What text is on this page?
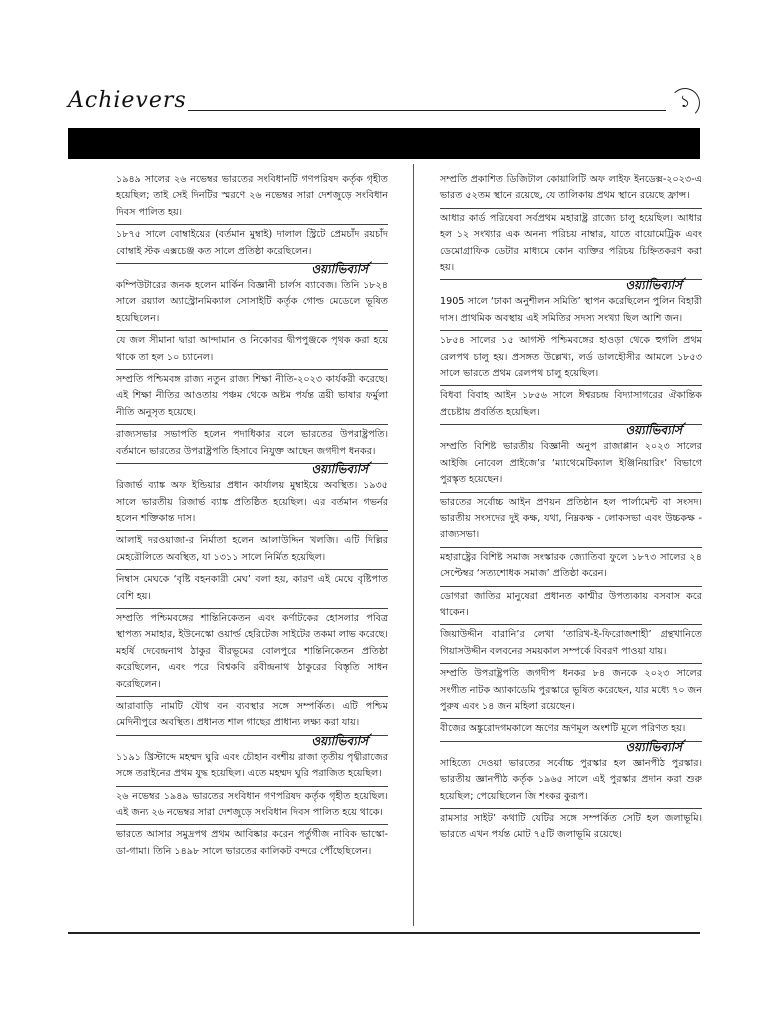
Achievers	১
১৯৪৯ সালের ২৬ নভেম্বর ভারতের সংবিধানটি গণপরিষদ কর্তৃক গৃহীত হয়েছিল; তাই সেই দিনটির স্মরণে ২৬ নভেম্বর সারা দেশজুড়ে সংবিধান দিবস পালিত হয়।
১৮৭৫ সালে বোম্বাইয়ের (বর্তমান মুম্বাই) দালাল স্ট্রিটে প্রেমচাঁদ রয়চাঁদ বোম্বাই স্টক এক্সচেঞ্জ কত সালে প্রতিষ্ঠা করেছিলেন।
ওয়্যাভিব্যার্স
কম্পিউটারের জনক হলেন মার্কিন বিজ্ঞানী চার্লস ব্যাবেজ। তিনি ১৮২৪ সালে রয়্যাল অ্যাস্ট্রোনমিক্যাল সোসাইটি কর্তৃক গোল্ড মেডেলে ভূষিত হয়েছিলেন।
যে জল সীমানা দ্বারা আন্দামান ও নিকোবর দ্বীপপুঞ্জকে পৃথক করা হয়ে থাকে তা হল ১০ চ্যানেল।
সম্প্রতি পশ্চিমবঙ্গ রাজ্য নতুন রাজ্য শিক্ষা নীতি-২০২৩ কার্যকরী করেছে। এই শিক্ষা নীতির আওতায় পঞ্চম থেকে অষ্টম পর্যন্ত ত্রয়ী ভাষার ফর্মুলা নীতি অনুসৃত হয়েছে।
রাজ্যসভার সভাপতি হলেন পদাধিকার বলে ভারতের উপরাষ্ট্রপতি। বর্তমানে ভারতের উপরাষ্ট্রপতি হিসাবে নিযুক্ত আছেন জগদীপ ধনকর।
ওয়্যাভিব্যার্স
রিজার্ভ ব্যাঙ্ক অফ ইন্ডিয়ার প্রধান কার্যালয় মুম্বাইয়ে অবস্থিত। ১৯৩৫ সালে ভারতীয় রিজার্ভ ব্যাঙ্ক প্রতিষ্ঠিত হয়েছিল। এর বর্তমান গভর্নর হলেন শক্তিকান্ত দাস।
আলাই দরওয়াজা-র নির্মাতা হলেন আলাউদ্দিন খলজি। এটি দিল্লির মেহরৌলিতে অবস্থিত, যা ১৩১১ সালে নির্মিত হয়েছিল।
নিম্বাস মেঘকে ‘বৃষ্টি বহনকারী মেঘ’ বলা হয়, কারণ এই মেঘে বৃষ্টিপাত বেশি হয়।
সম্প্রতি পশ্চিমবঙ্গের শান্তিনিকেতন এবং কর্ণাটকের হোসলার পবিত্র স্থাপত্য সমাহার, ইউনেস্কো ওয়ার্ল্ড হেরিটেজ সাইটের তকমা লাভ করেছে। মহর্ষি দেবেন্দ্রনাথ ঠাকুর বীরভূমের বোলপুরে শান্তিনিকেতন প্রতিষ্ঠা করেছিলেন, এবং পরে বিশ্বকবি রবীন্দ্রনাথ ঠাকুরের বিস্তৃতি সাধন করেছিলেন।
আরাবাড়ি নামটি যৌথ বন ব্যবস্থার সঙ্গে সম্পর্কিত। এটি পশ্চিম মেদিনীপুরে অবস্থিত। প্রধানত শাল গাছের প্রাধান্য লক্ষ্য করা যায়।
ওয়্যাভিব্যার্স
১১৯১ খ্রিস্টাব্দে মহম্মদ ঘুরি এবং চৌহান বংশীয় রাজা তৃতীয় পৃথ্বীরাজের সঙ্গে তরাইনের প্রথম যুদ্ধ হয়েছিল। এতে মহম্মদ ঘুরি পরাজিত হয়েছিল।
২৬ নভেম্বর ১৯৪৯ ভারতের সংবিধান গণপরিষদ কর্তৃক গৃহীত হয়েছিল। এই জন্য ২৬ নভেম্বর সারা দেশজুড়ে সংবিধান দিবস পালিত হয়ে থাকে।
ভারতে আসার সমুদ্রপথ প্রথম আবিষ্কার করেন পর্তুগীজ নাবিক ভাস্কো-ডা-গামা। তিনি ১৪৯৮ সালে ভারতের কালিকট বন্দরে পৌঁছেছিলেন।
সম্প্রতি প্রকাশিত ডিজিটাল কোয়ালিটি অফ লাইফ ইনডেক্স-২০২৩-এ ভারত ৫২তম স্থানে রয়েছে, যে তালিকায় প্রথম স্থানে রয়েছে ফ্রান্স।
আধার কার্ড পরিষেবা সর্বপ্রথম মহারাষ্ট্র রাজ্যে চালু হয়েছিল। আধার হল ১২ সংখ্যার এক অনন্য পরিচয় নাম্বার, যাতে বায়োমেট্রিক এবং ডেমোগ্রাফিক ডেটার মাধ্যমে কোন ব্যক্তির পরিচয় চিহ্নিতকরণ করা হয়।
ওয়্যাভিব্যার্স
1905 সালে ‘ঢাকা অনুশীলন সমিতি’ স্থাপন করেছিলেন পুলিন বিহারী দাস। প্রাথমিক অবস্থায় এই সমিতির সদস্য সংখ্যা ছিল আশি জন।
১৮৫৪ সালের ১৫ আগস্ট পশ্চিমবঙ্গের হাওড়া থেকে হুগলি প্রথম রেলপথ চালু হয়। প্রসঙ্গত উল্লেখ্য, লর্ড ডালহৌসীর আমলে ১৮৫৩ সালে ভারতে প্রথম রেলপথ চালু হয়েছিল।
বিধবা বিবাহ আইন ১৮৫৬ সালে ঈশ্বরচন্দ্র বিদ্যাসাগরের ঐকান্তিক প্রচেষ্টায় প্রবর্তিত হয়েছিল।
ওয়্যাভিব্যার্স
সম্প্রতি বিশিষ্ট ভারতীয় বিজ্ঞানী অনুপ রাজাপ্পান ২০২৩ সালের আইজি নোবেল প্রাইজে’র ‘ম্যাথেমেটিক্যাল ইঞ্জিনিয়ারিং’ বিভাগে পুরস্কৃত হয়েছেন।
ভারতের সর্বোচ্চ আইন প্রণয়ন প্রতিষ্ঠান হল পার্লামেন্ট বা সংসদ। ভারতীয় সংসদের দুই কক্ষ, যথা, নিম্নকক্ষ - লোকসভা এবং উচ্চকক্ষ - রাজ্যসভা।
মহারাষ্ট্রের বিশিষ্ট সমাজ সংস্কারক জ্যোতিবা ফুলে ১৮৭৩ সালের ২৪ সেপ্টেম্বর ‘সত্যশোধক সমাজ’ প্রতিষ্ঠা করেন।
ডোগরা জাতির মানুষেরা প্রধানত কাশ্মীর উপত্যকায় বসবাস করে থাকেন।
জিয়াউদ্দীন বারানি’র লেখা ‘তারিখ-ই-ফিরোজশাহী’ গ্রন্থখানিতে গিয়াসউদ্দীন বলবনের সময়কাল সম্পর্কে বিবরণ পাওয়া যায়।
সম্প্রতি উপরাষ্ট্রপতি জগদীপ ধনকর ৮৪ জনকে ২০২৩ সালের সংগীত নাটক অ্যাকাডেমি পুরস্কারে ভূষিত করেছেন, যার মধ্যে ৭০ জন পুরুষ এবং ১৪ জন মহিলা রয়েছেন।
বীজের অঙ্কুরোদগমকালে ভ্রূণের ভ্রূণমূল অংশটি মূলে পরিণত হয়।
ওয়্যাভিব্যার্স
সাহিত্যে দেওয়া ভারতের সর্বোচ্চ পুরস্কার হল জ্ঞানপীঠ পুরস্কার। ভারতীয় জ্ঞানপীঠ কর্তৃক ১৯৬৫ সালে এই পুরস্কার প্রদান করা শুরু হয়েছিল; পেয়েছিলেন জি শংকর কুরূপ।
রামসার সাইট’ কথাটি যেটির সঙ্গে সম্পর্কিত সেটি হল জলাভূমি। ভারতে এখন পর্যন্ত মোট ৭৫টি জলাভূমি রয়েছে।
